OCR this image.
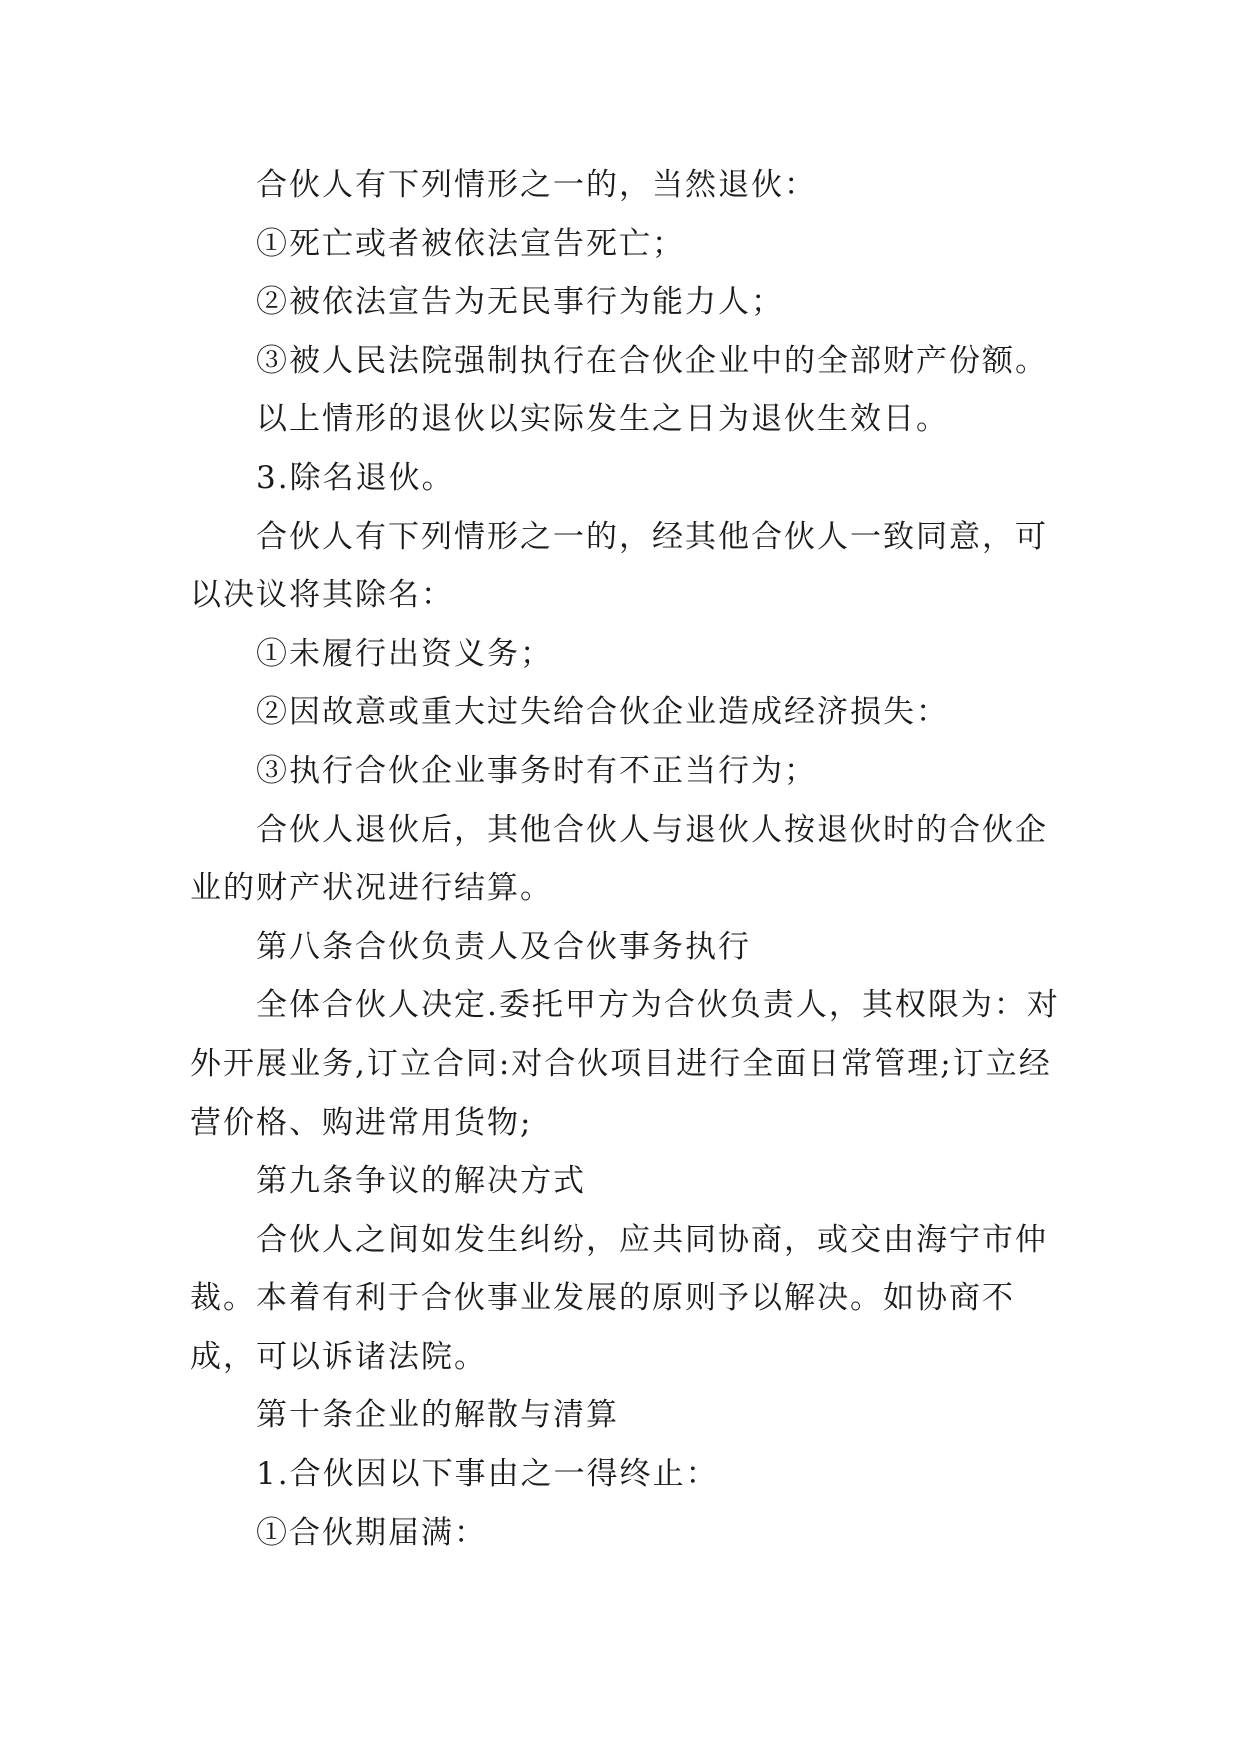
合伙人有下列情形之一的，当然退伙：

①死亡或者被依法宣告死亡；

②被依法宣告为无民事行为能力人；

③被人民法院强制执行在合伙企业中的全部财产份额。

以上情形的退伙以实际发生之日为退伙生效日。

3.除名退伙。

合伙人有下列情形之一的，经其他合伙人一致同意，可以决议将其除名：

①未履行出资义务；

②因故意或重大过失给合伙企业造成经济损失：

③执行合伙企业事务时有不正当行为；

合伙人退伙后，其他合伙人与退伙人按退伙时的合伙企业的财产状况进行结算。

第八条合伙负责人及合伙事务执行

全体合伙人决定.委托甲方为合伙负责人，其权限为：对外开展业务,订立合同:对合伙项目进行全面日常管理;订立经营价格、购进常用货物;

第九条争议的解决方式

合伙人之间如发生纠纷，应共同协商，或交由海宁市仲裁。本着有利于合伙事业发展的原则予以解决。如协商不成，可以诉诸法院。

第十条企业的解散与清算

1.合伙因以下事由之一得终止：

①合伙期届满：
